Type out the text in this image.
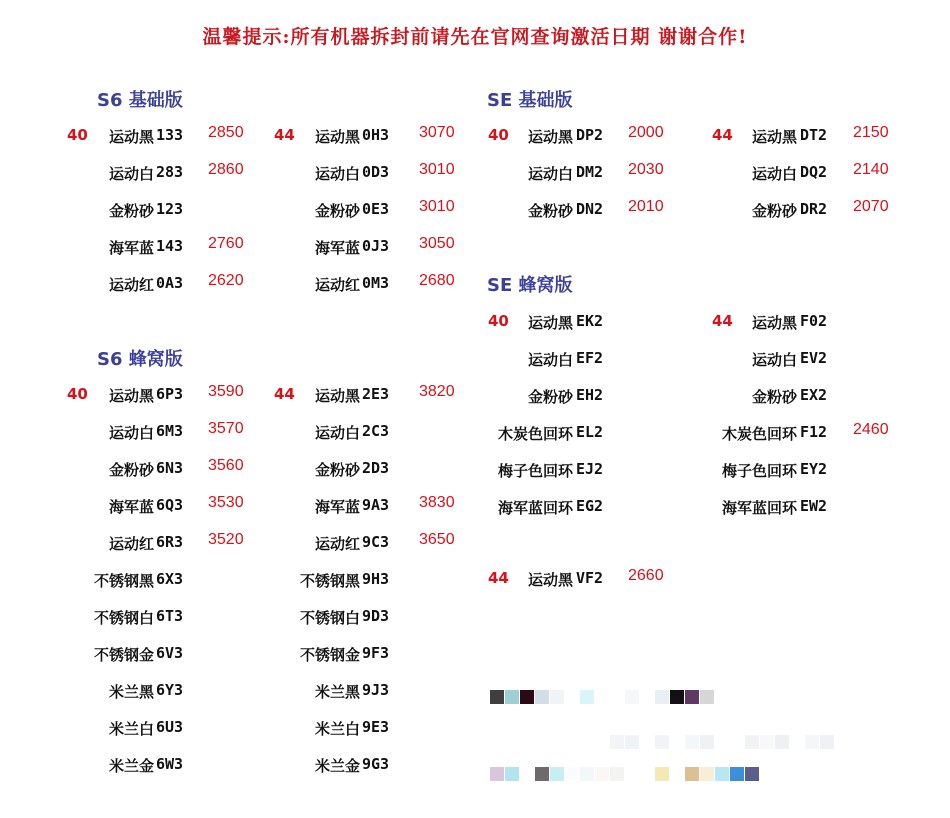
温馨提示:所有机器拆封前请先在官网查询激活日期 谢谢合作!
S6 基础版
40 运动黑 133 2850
运动白 283 2860
金粉砂 123
海军蓝 143 2760
运动红 0A3 2620
44 运动黑 0H3 3070
运动白 0D3 3010
金粉砂 0E3 3010
海军蓝 0J3 3050
运动红 0M3 2680
S6 蜂窝版
40 运动黑 6P3 3590
运动白 6M3 3570
金粉砂 6N3 3560
海军蓝 6Q3 3530
运动红 6R3 3520
不锈钢黑 6X3
不锈钢白 6T3
不锈钢金 6V3
米兰黑 6Y3
米兰白 6U3
米兰金 6W3
44 运动黑 2E3 3820
运动白 2C3
金粉砂 2D3
海军蓝 9A3 3830
运动红 9C3 3650
不锈钢黑 9H3
不锈钢白 9D3
不锈钢金 9F3
米兰黑 9J3
米兰白 9E3
米兰金 9G3
SE 基础版
40 运动黑 DP2 2000
运动白 DM2 2030
金粉砂 DN2 2010
44 运动黑 DT2 2150
运动白 DQ2 2140
金粉砂 DR2 2070
SE 蜂窝版
40 运动黑 EK2
运动白 EF2
金粉砂 EH2
木炭色回环 EL2
梅子色回环 EJ2
海军蓝回环 EG2
44 运动黑 F02
运动白 EV2
金粉砂 EX2
木炭色回环 F12 2460
梅子色回环 EY2
海军蓝回环 EW2
44 运动黑 VF2 2660
